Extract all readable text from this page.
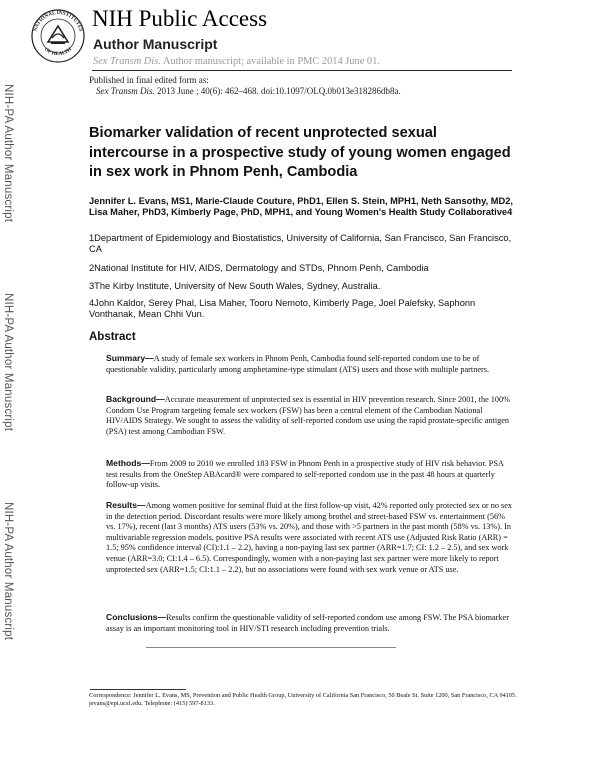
NATIONAL INSTITUTES
OF HEALTH
NIH Public Access
Author Manuscript
Sex Transm Dis. Author manuscript; available in PMC 2014 June 01.
Published in final edited form as:
Sex Transm Dis. 2013 June ; 40(6): 462–468. doi:10.1097/OLQ.0b013e318286db8a.
NIH-PA Author Manuscript
NIH-PA Author Manuscript
NIH-PA Author Manuscript
Biomarker validation of recent unprotected sexual intercourse in a prospective study of young women engaged in sex work in Phnom Penh, Cambodia
Jennifer L. Evans, MS1, Marie-Claude Couture, PhD1, Ellen S. Stein, MPH1, Neth Sansothy, MD2, Lisa Maher, PhD3, Kimberly Page, PhD, MPH1, and Young Women's Health Study Collaborative4
1Department of Epidemiology and Biostatistics, University of California, San Francisco, San Francisco, CA
2National Institute for HIV, AIDS, Dermatology and STDs, Phnom Penh, Cambodia
3The Kirby Institute, University of New South Wales, Sydney, Australia.
4John Kaldor, Serey Phal, Lisa Maher, Tooru Nemoto, Kimberly Page, Joel Palefsky, Saphonn Vonthanak, Mean Chhi Vun.
Abstract
Summary—A study of female sex workers in Phnom Penh, Cambodia found self-reported condom use to be of questionable validity, particularly among amphetamine-type stimulant (ATS) users and those with multiple partners.
Background—Accurate measurement of unprotected sex is essential in HIV prevention research. Since 2001, the 100% Condom Use Program targeting female sex workers (FSW) has been a central element of the Cambodian National HIV/AIDS Strategy. We sought to assess the validity of self-reported condom use using the rapid prostate-specific antigen (PSA) test among Cambodian FSW.
Methods—From 2009 to 2010 we enrolled 183 FSW in Phnom Penh in a prospective study of HIV risk behavior. PSA test results from the OneStep ABAcard® were compared to self-reported condom use in the past 48 hours at quarterly follow-up visits.
Results—Among women positive for seminal fluid at the first follow-up visit, 42% reported only protected sex or no sex in the detection period. Discordant results were more likely among brothel and street-based FSW vs. entertainment (56% vs. 17%), recent (last 3 months) ATS users (53% vs. 20%), and those with >5 partners in the past month (58% vs. 13%). In multivariable regression models, positive PSA results were associated with recent ATS use (Adjusted Risk Ratio (ARR) = 1.5; 95% confidence interval (CI):1.1 – 2.2), having a non-paying last sex partner (ARR=1.7; CI: 1.2 – 2.5), and sex work venue (ARR=3.0; CI:1.4 – 6.5). Correspondingly, women with a non-paying last sex partner were more likely to report unprotected sex (ARR=1.5; CI:1.1 – 2.2), but no associations were found with sex work venue or ATS use.
Conclusions—Results confirm the questionable validity of self-reported condom use among FSW. The PSA biomarker assay is an important monitoring tool in HIV/STI research including prevention trials.
Correspondence: Jennifer L. Evans, MS, Prevention and Public Health Group, University of California San Francisco, 50 Beale St. Suite 1200, San Francisco, CA 94105. jevans@epi.ucsf.edu. Telephone: (415) 597-8133.
